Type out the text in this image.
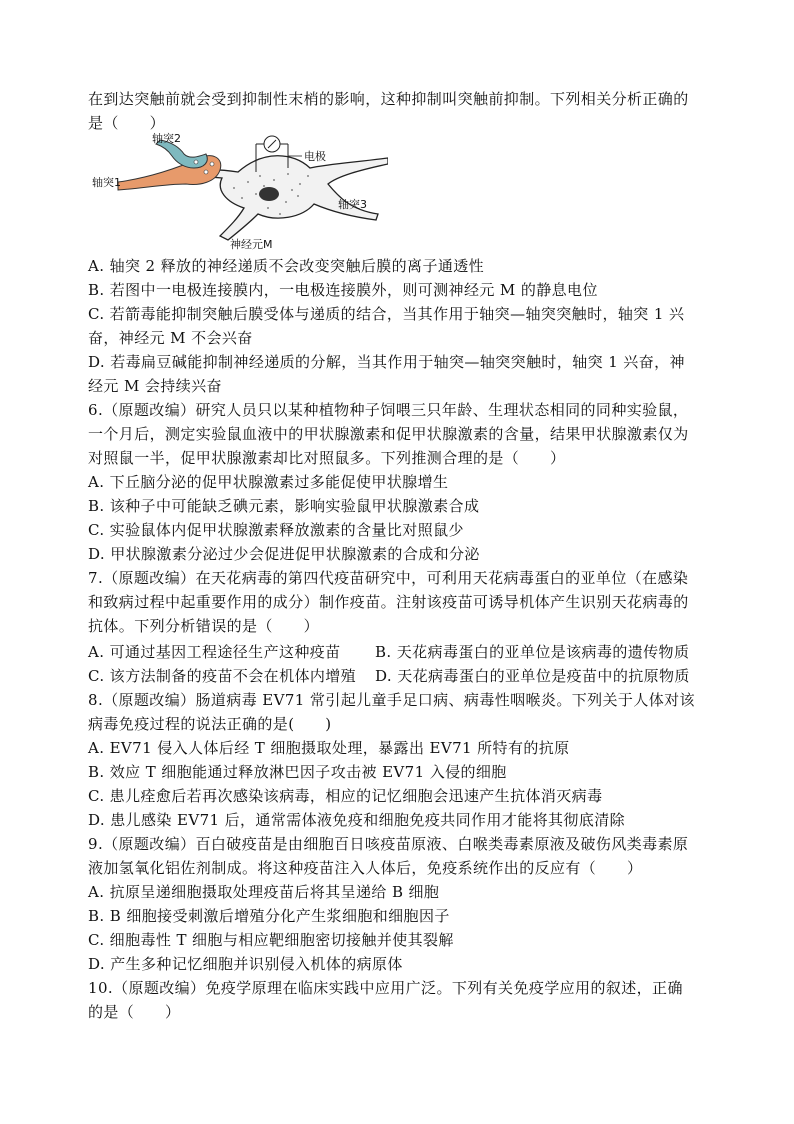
在到达突触前就会受到抑制性末梢的影响，这种抑制叫突触前抑制。下列相关分析正确的
是（　　）
轴突2
轴突1
电极
轴突3
神经元M
A. 轴突 2 释放的神经递质不会改变突触后膜的离子通透性
B. 若图中一电极连接膜内，一电极连接膜外，则可测神经元 M 的静息电位
C. 若箭毒能抑制突触后膜受体与递质的结合，当其作用于轴突—轴突突触时，轴突 1 兴
奋，神经元 M 不会兴奋
D. 若毒扁豆碱能抑制神经递质的分解，当其作用于轴突—轴突突触时，轴突 1 兴奋，神
经元 M 会持续兴奋
6.（原题改编）研究人员只以某种植物种子饲喂三只年龄、生理状态相同的同种实验鼠，
一个月后，测定实验鼠血液中的甲状腺激素和促甲状腺激素的含量，结果甲状腺激素仅为
对照鼠一半，促甲状腺激素却比对照鼠多。下列推测合理的是（　　）
A. 下丘脑分泌的促甲状腺激素过多能促使甲状腺增生
B. 该种子中可能缺乏碘元素，影响实验鼠甲状腺激素合成
C. 实验鼠体内促甲状腺激素释放激素的含量比对照鼠少
D. 甲状腺激素分泌过少会促进促甲状腺激素的合成和分泌
7.（原题改编）在天花病毒的第四代疫苗研究中，可利用天花病毒蛋白的亚单位（在感染
和致病过程中起重要作用的成分）制作疫苗。注射该疫苗可诱导机体产生识别天花病毒的
抗体。下列分析错误的是（　　）
A. 可通过基因工程途径生产这种疫苗 B. 天花病毒蛋白的亚单位是该病毒的遗传物质
C. 该方法制备的疫苗不会在机体内增殖 D. 天花病毒蛋白的亚单位是疫苗中的抗原物质
8.（原题改编）肠道病毒 EV71 常引起儿童手足口病、病毒性咽喉炎。下列关于人体对该
病毒免疫过程的说法正确的是(　　)
A. EV71 侵入人体后经 T 细胞摄取处理，暴露出 EV71 所特有的抗原
B. 效应 T 细胞能通过释放淋巴因子攻击被 EV71 入侵的细胞
C. 患儿痊愈后若再次感染该病毒，相应的记忆细胞会迅速产生抗体消灭病毒
D. 患儿感染 EV71 后，通常需体液免疫和细胞免疫共同作用才能将其彻底清除
9.（原题改编）百白破疫苗是由细胞百日咳疫苗原液、白喉类毒素原液及破伤风类毒素原
液加氢氧化铝佐剂制成。将这种疫苗注入人体后，免疫系统作出的反应有（　　）
A. 抗原呈递细胞摄取处理疫苗后将其呈递给 B 细胞
B. B 细胞接受刺激后增殖分化产生浆细胞和细胞因子
C. 细胞毒性 T 细胞与相应靶细胞密切接触并使其裂解
D. 产生多种记忆细胞并识别侵入机体的病原体
10.（原题改编）免疫学原理在临床实践中应用广泛。下列有关免疫学应用的叙述，正确
的是（　　）
